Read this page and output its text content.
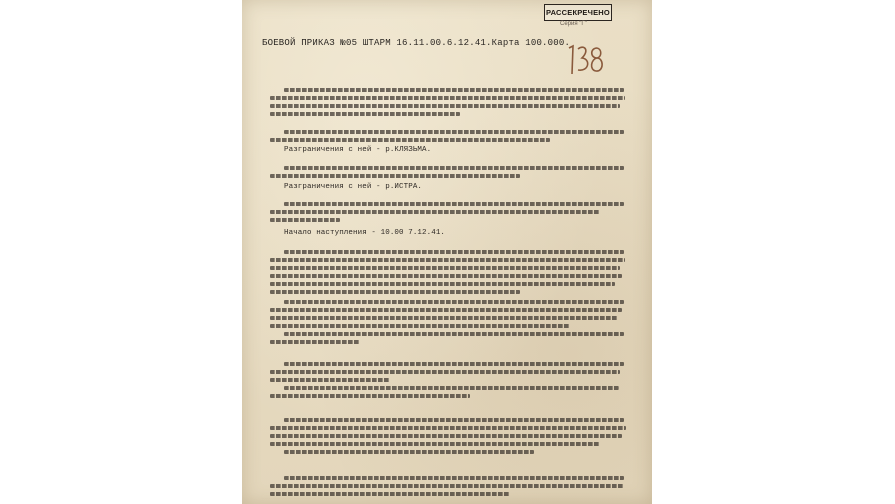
РАССЕКРЕЧЕНО
Серия "Г"
БОЕВОЙ ПРИКАЗ №05 ШТАРМ 16.11.00.6.12.41.Карта 100.000.
Разграничения с ней - р.КЛЯЗЬМА.
Разграничения с ней - р.ИСТРА.
Начало наступления - 10.00 7.12.41.
